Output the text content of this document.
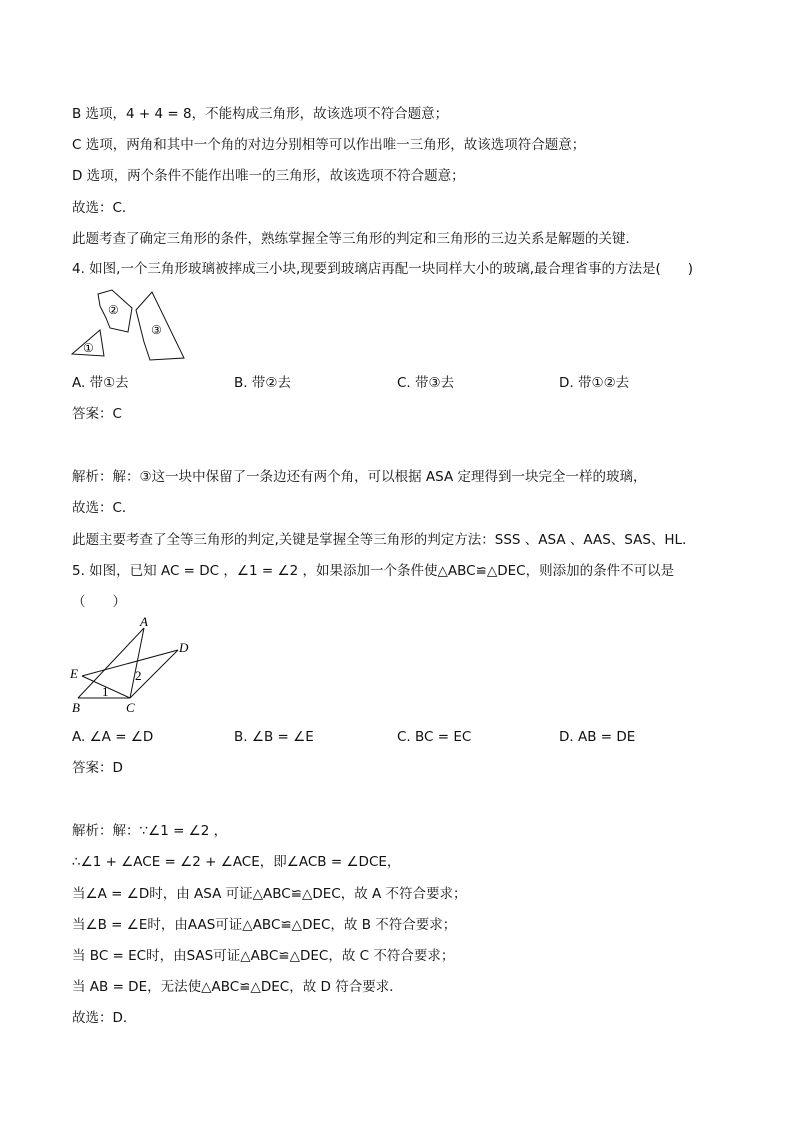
B 选项，4 + 4 = 8，不能构成三角形，故该选项不符合题意；
C 选项，两角和其中一个角的对边分别相等可以作出唯一三角形，故该选项符合题意；
D 选项，两个条件不能作出唯一的三角形，故该选项不符合题意；
故选：C．
此题考查了确定三角形的条件，熟练掌握全等三角形的判定和三角形的三边关系是解题的关键．
4. 如图,一个三角形玻璃被摔成三小块,现要到玻璃店再配一块同样大小的玻璃,最合理省事的方法是(　　)
①
②
③
A. 带①去	B. 带②去	C. 带③去	D. 带①②去
答案：C
解析：解：③这一块中保留了一条边还有两个角，可以根据 ASA 定理得到一块完全一样的玻璃，
故选：C．
此题主要考查了全等三角形的判定,关键是掌握全等三角形的判定方法：SSS 、ASA 、AAS、SAS、HL．
5. 如图，已知 AC = DC ，∠1 = ∠2 ，如果添加一个条件使△ABC≌△DEC，则添加的条件不可以是
（　　）
A
D
E	2
1
B	C
A. ∠A = ∠D	B. ∠B = ∠E	C. BC = EC	D. AB = DE
答案：D
解析：解：∵∠1 = ∠2 ，
∴∠1 + ∠ACE = ∠2 + ∠ACE，即∠ACB = ∠DCE，
当∠A = ∠D时，由 ASA 可证△ABC≌△DEC，故 A 不符合要求；
当∠B = ∠E时，由AAS可证△ABC≌△DEC，故 B 不符合要求；
当 BC = EC时，由SAS可证△ABC≌△DEC，故 C 不符合要求；
当 AB = DE，无法使△ABC≌△DEC，故 D 符合要求．
故选：D．
